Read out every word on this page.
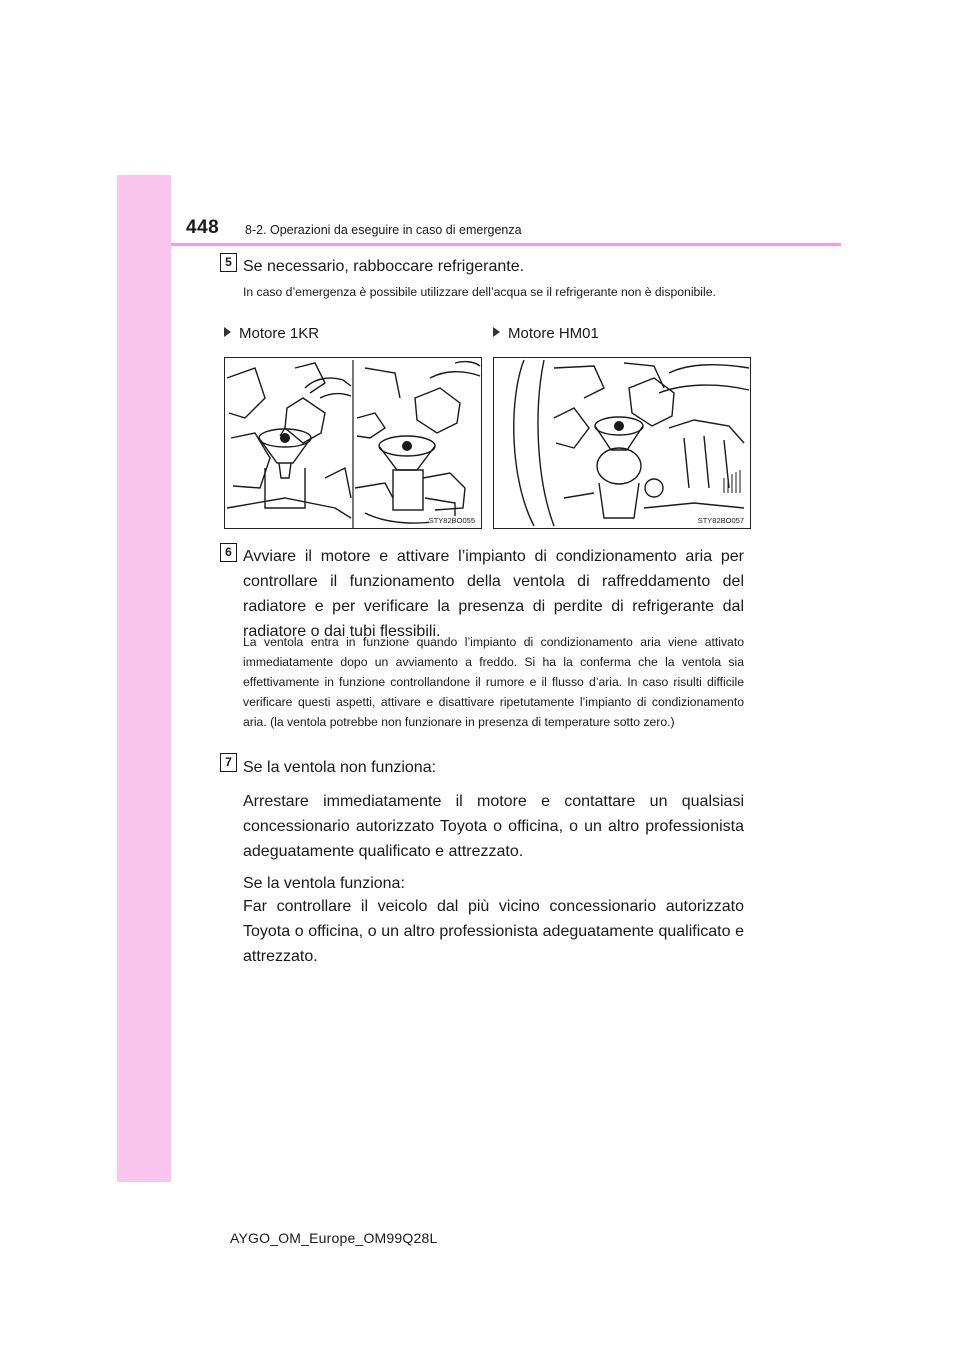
448 8-2. Operazioni da eseguire in caso di emergenza
5 Se necessario, rabboccare refrigerante.
In caso d’emergenza è possibile utilizzare dell’acqua se il refrigerante non è disponibile.
Motore 1KR	Motore HM01
STY82BO055	STY82BO057
6 Avviare il motore e attivare l’impianto di condizionamento aria per controllare il funzionamento della ventola di raffreddamento del radiatore e per verificare la presenza di perdite di refrigerante dal radiatore o dai tubi flessibili.
La ventola entra in funzione quando l’impianto di condizionamento aria viene attivato immediatamente dopo un avviamento a freddo. Si ha la conferma che la ventola sia effettivamente in funzione controllandone il rumore e il flusso d’aria. In caso risulti difficile verificare questi aspetti, attivare e disattivare ripetutamente l’impianto di condizionamento aria. (la ventola potrebbe non funzionare in presenza di temperature sotto zero.)
7 Se la ventola non funziona:
Arrestare immediatamente il motore e contattare un qualsiasi concessionario autorizzato Toyota o officina, o un altro professionista adeguatamente qualificato e attrezzato.
Se la ventola funziona:
Far controllare il veicolo dal più vicino concessionario autorizzato Toyota o officina, o un altro professionista adeguatamente qualificato e attrezzato.
AYGO_OM_Europe_OM99Q28L
